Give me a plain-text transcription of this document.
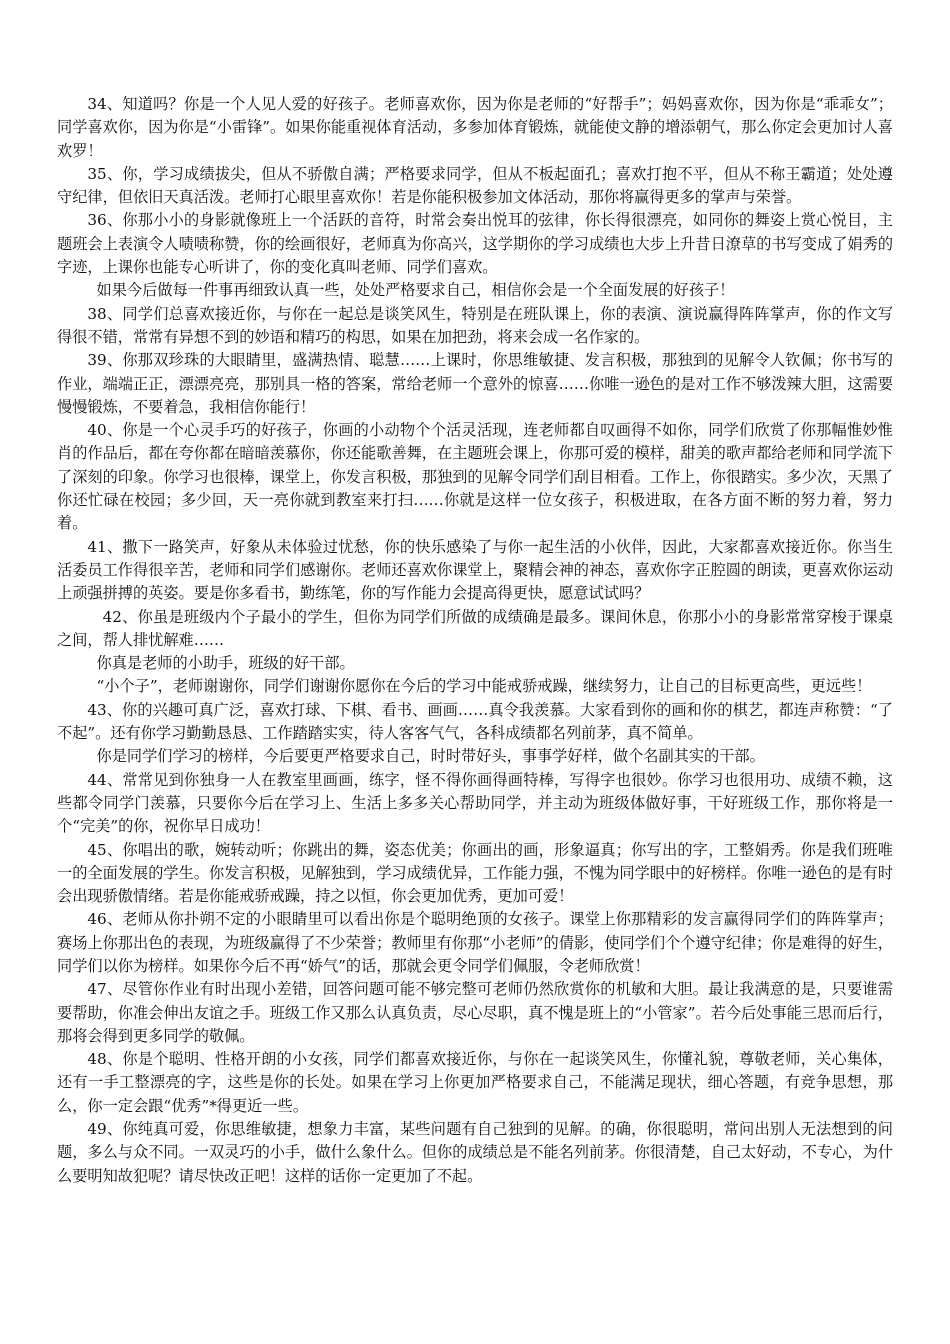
34、知道吗？你是一个人见人爱的好孩子。老师喜欢你，因为你是老师的“好帮手”；妈妈喜欢你，因为你是“乖乖女”；同学喜欢你，因为你是“小雷锋”。如果你能重视体育活动，多参加体育锻炼，就能使文静的增添朝气，那么你定会更加讨人喜欢罗！

35、你，学习成绩拔尖，但从不骄傲自满；严格要求同学，但从不板起面孔；喜欢打抱不平，但从不称王霸道；处处遵守纪律，但依旧天真活泼。老师打心眼里喜欢你！若是你能积极参加文体活动，那你将赢得更多的掌声与荣誉。

36、你那小小的身影就像班上一个活跃的音符，时常会奏出悦耳的弦律，你长得很漂亮，如同你的舞姿上赏心悦目，主题班会上表演令人啧啧称赞，你的绘画很好，老师真为你高兴，这学期你的学习成绩也大步上升昔日潦草的书写变成了娟秀的字迹，上课你也能专心听讲了，你的变化真叫老师、同学们喜欢。

如果今后做每一件事再细致认真一些，处处严格要求自己，相信你会是一个全面发展的好孩子！

38、同学们总喜欢接近你，与你在一起总是谈笑风生，特别是在班队课上，你的表演、演说赢得阵阵掌声，你的作文写得很不错，常常有异想不到的妙语和精巧的构思，如果在加把劲，将来会成一名作家的。

39、你那双珍珠的大眼睛里，盛满热情、聪慧……上课时，你思维敏捷、发言积极，那独到的见解令人钦佩；你书写的作业，端端正正，漂漂亮亮，那别具一格的答案，常给老师一个意外的惊喜……你唯一逊色的是对工作不够泼辣大胆，这需要慢慢锻炼，不要着急，我相信你能行！

40、你是一个心灵手巧的好孩子，你画的小动物个个活灵活现，连老师都自叹画得不如你，同学们欣赏了你那幅惟妙惟肖的作品后，都在夸你都在暗暗羡慕你，你还能歌善舞，在主题班会课上，你那可爱的模样，甜美的歌声都给老师和同学流下了深刻的印象。你学习也很棒，课堂上，你发言积极，那独到的见解令同学们刮目相看。工作上，你很踏实。多少次，天黑了你还忙碌在校园；多少回，天一亮你就到教室来打扫……你就是这样一位女孩子，积极进取，在各方面不断的努力着，努力着。

41、撒下一路笑声，好象从未体验过忧愁，你的快乐感染了与你一起生活的小伙伴，因此，大家都喜欢接近你。你当生活委员工作得很辛苦，老师和同学们感谢你。老师还喜欢你课堂上，聚精会神的神态，喜欢你字正腔圆的朗读，更喜欢你运动上顽强拼搏的英姿。要是你多看书，勤练笔，你的写作能力会提高得更快，愿意试试吗？

42、你虽是班级内个子最小的学生，但你为同学们所做的成绩确是最多。课间休息，你那小小的身影常常穿梭于课桌之间，帮人排忧解难……

你真是老师的小助手，班级的好干部。

“小个子”，老师谢谢你，同学们谢谢你愿你在今后的学习中能戒骄戒躁，继续努力，让自己的目标更高些，更远些！

43、你的兴趣可真广泛，喜欢打球、下棋、看书、画画……真令我羡慕。大家看到你的画和你的棋艺，都连声称赞：“了不起”。还有你学习勤勤恳恳、工作踏踏实实，待人客客气气，各科成绩都名列前茅，真不简单。

你是同学们学习的榜样，今后要更严格要求自己，时时带好头，事事学好样，做个名副其实的干部。

44、常常见到你独身一人在教室里画画，练字，怪不得你画得画特棒，写得字也很妙。你学习也很用功、成绩不赖，这些都令同学门羡慕，只要你今后在学习上、生活上多多关心帮助同学，并主动为班级体做好事，干好班级工作，那你将是一个“完美”的你，祝你早日成功！

45、你唱出的歌，婉转动听；你跳出的舞，姿态优美；你画出的画，形象逼真；你写出的字，工整娟秀。你是我们班唯一的全面发展的学生。你发言积极，见解独到，学习成绩优异，工作能力强，不愧为同学眼中的好榜样。你唯一逊色的是有时会出现骄傲情绪。若是你能戒骄戒躁，持之以恒，你会更加优秀，更加可爱！

46、老师从你扑朔不定的小眼睛里可以看出你是个聪明绝顶的女孩子。课堂上你那精彩的发言赢得同学们的阵阵掌声；赛场上你那出色的表现，为班级赢得了不少荣誉；教师里有你那“小老师”的倩影，使同学们个个遵守纪律；你是难得的好生，同学们以你为榜样。如果你今后不再“娇气”的话，那就会更令同学们佩服，令老师欣赏！

47、尽管你作业有时出现小差错，回答问题可能不够完整可老师仍然欣赏你的机敏和大胆。最让我满意的是，只要谁需要帮助，你准会伸出友谊之手。班级工作又那么认真负责，尽心尽职，真不愧是班上的“小管家”。若今后处事能三思而后行，那将会得到更多同学的敬佩。

48、你是个聪明、性格开朗的小女孩，同学们都喜欢接近你，与你在一起谈笑风生，你懂礼貌，尊敬老师，关心集体，还有一手工整漂亮的字，这些是你的长处。如果在学习上你更加严格要求自己，不能满足现状，细心答题，有竞争思想，那么，你一定会跟“优秀”*得更近一些。

49、你纯真可爱，你思维敏捷，想象力丰富，某些问题有自己独到的见解。的确，你很聪明，常问出别人无法想到的问题，多么与众不同。一双灵巧的小手，做什么象什么。但你的成绩总是不能名列前茅。你很清楚，自己太好动，不专心，为什么要明知故犯呢？请尽快改正吧！这样的话你一定更加了不起。
